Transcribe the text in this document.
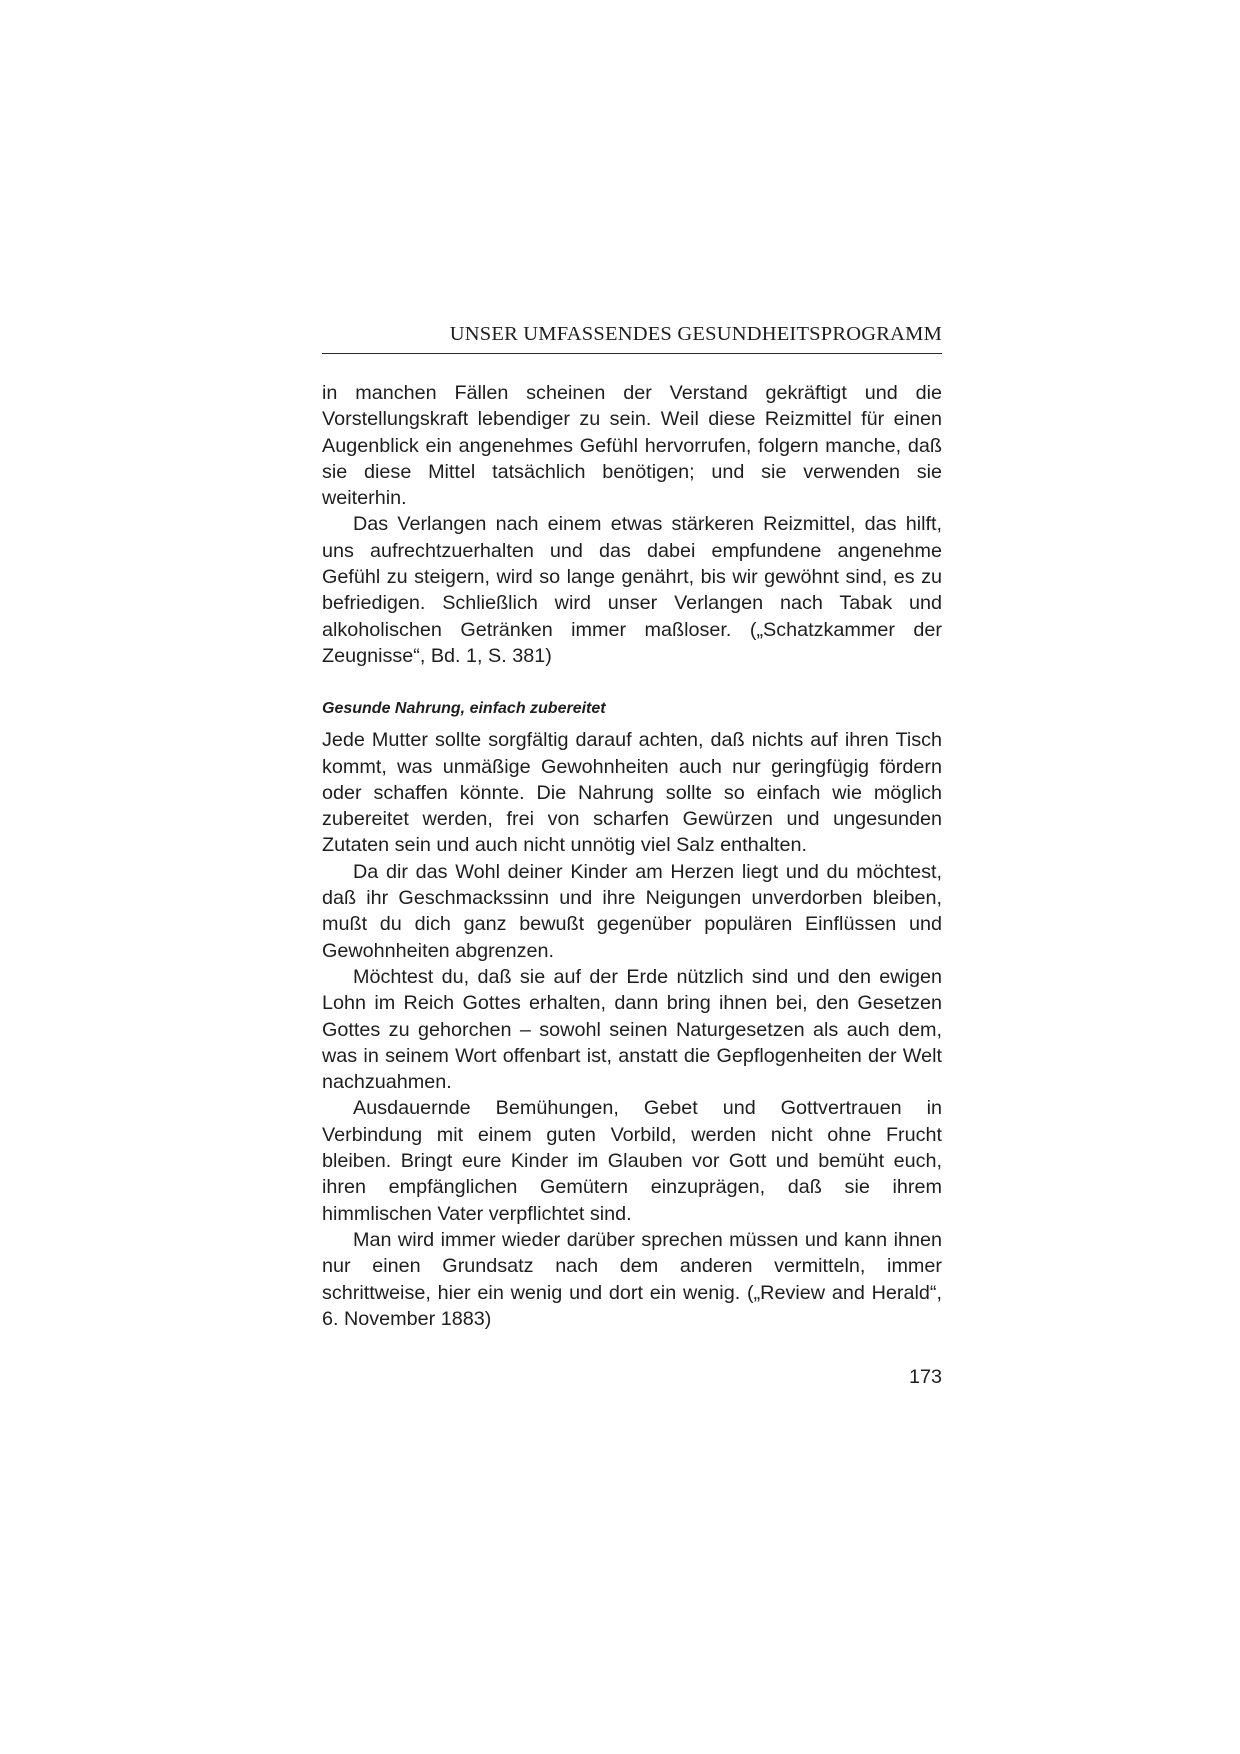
UNSER UMFASSENDES GESUNDHEITSPROGRAMM

in manchen Fällen scheinen der Verstand gekräftigt und die Vorstellungskraft lebendiger zu sein. Weil diese Reizmittel für einen Augenblick ein angenehmes Gefühl hervorrufen, folgern manche, daß sie diese Mittel tatsächlich benötigen; und sie verwenden sie weiterhin.

Das Verlangen nach einem etwas stärkeren Reizmittel, das hilft, uns aufrechtzuerhalten und das dabei empfundene angenehme Gefühl zu steigern, wird so lange genährt, bis wir gewöhnt sind, es zu befriedigen. Schließlich wird unser Verlangen nach Tabak und alkoholischen Getränken immer maßloser. („Schatzkammer der Zeugnisse“, Bd. 1, S. 381)

Gesunde Nahrung, einfach zubereitet

Jede Mutter sollte sorgfältig darauf achten, daß nichts auf ihren Tisch kommt, was unmäßige Gewohnheiten auch nur geringfügig fördern oder schaffen könnte. Die Nahrung sollte so einfach wie möglich zubereitet werden, frei von scharfen Gewürzen und ungesunden Zutaten sein und auch nicht unnötig viel Salz enthalten.

Da dir das Wohl deiner Kinder am Herzen liegt und du möchtest, daß ihr Geschmackssinn und ihre Neigungen unverdorben bleiben, mußt du dich ganz bewußt gegenüber populären Einflüssen und Gewohnheiten abgrenzen.

Möchtest du, daß sie auf der Erde nützlich sind und den ewigen Lohn im Reich Gottes erhalten, dann bring ihnen bei, den Gesetzen Gottes zu gehorchen – sowohl seinen Naturgesetzen als auch dem, was in seinem Wort offenbart ist, anstatt die Gepflogenheiten der Welt nachzuahmen.

Ausdauernde Bemühungen, Gebet und Gottvertrauen in Verbindung mit einem guten Vorbild, werden nicht ohne Frucht bleiben. Bringt eure Kinder im Glauben vor Gott und bemüht euch, ihren empfänglichen Gemütern einzuprägen, daß sie ihrem himmlischen Vater verpflichtet sind.

Man wird immer wieder darüber sprechen müssen und kann ihnen nur einen Grundsatz nach dem anderen vermitteln, immer schrittweise, hier ein wenig und dort ein wenig. („Review and Herald“, 6. November 1883)

173
